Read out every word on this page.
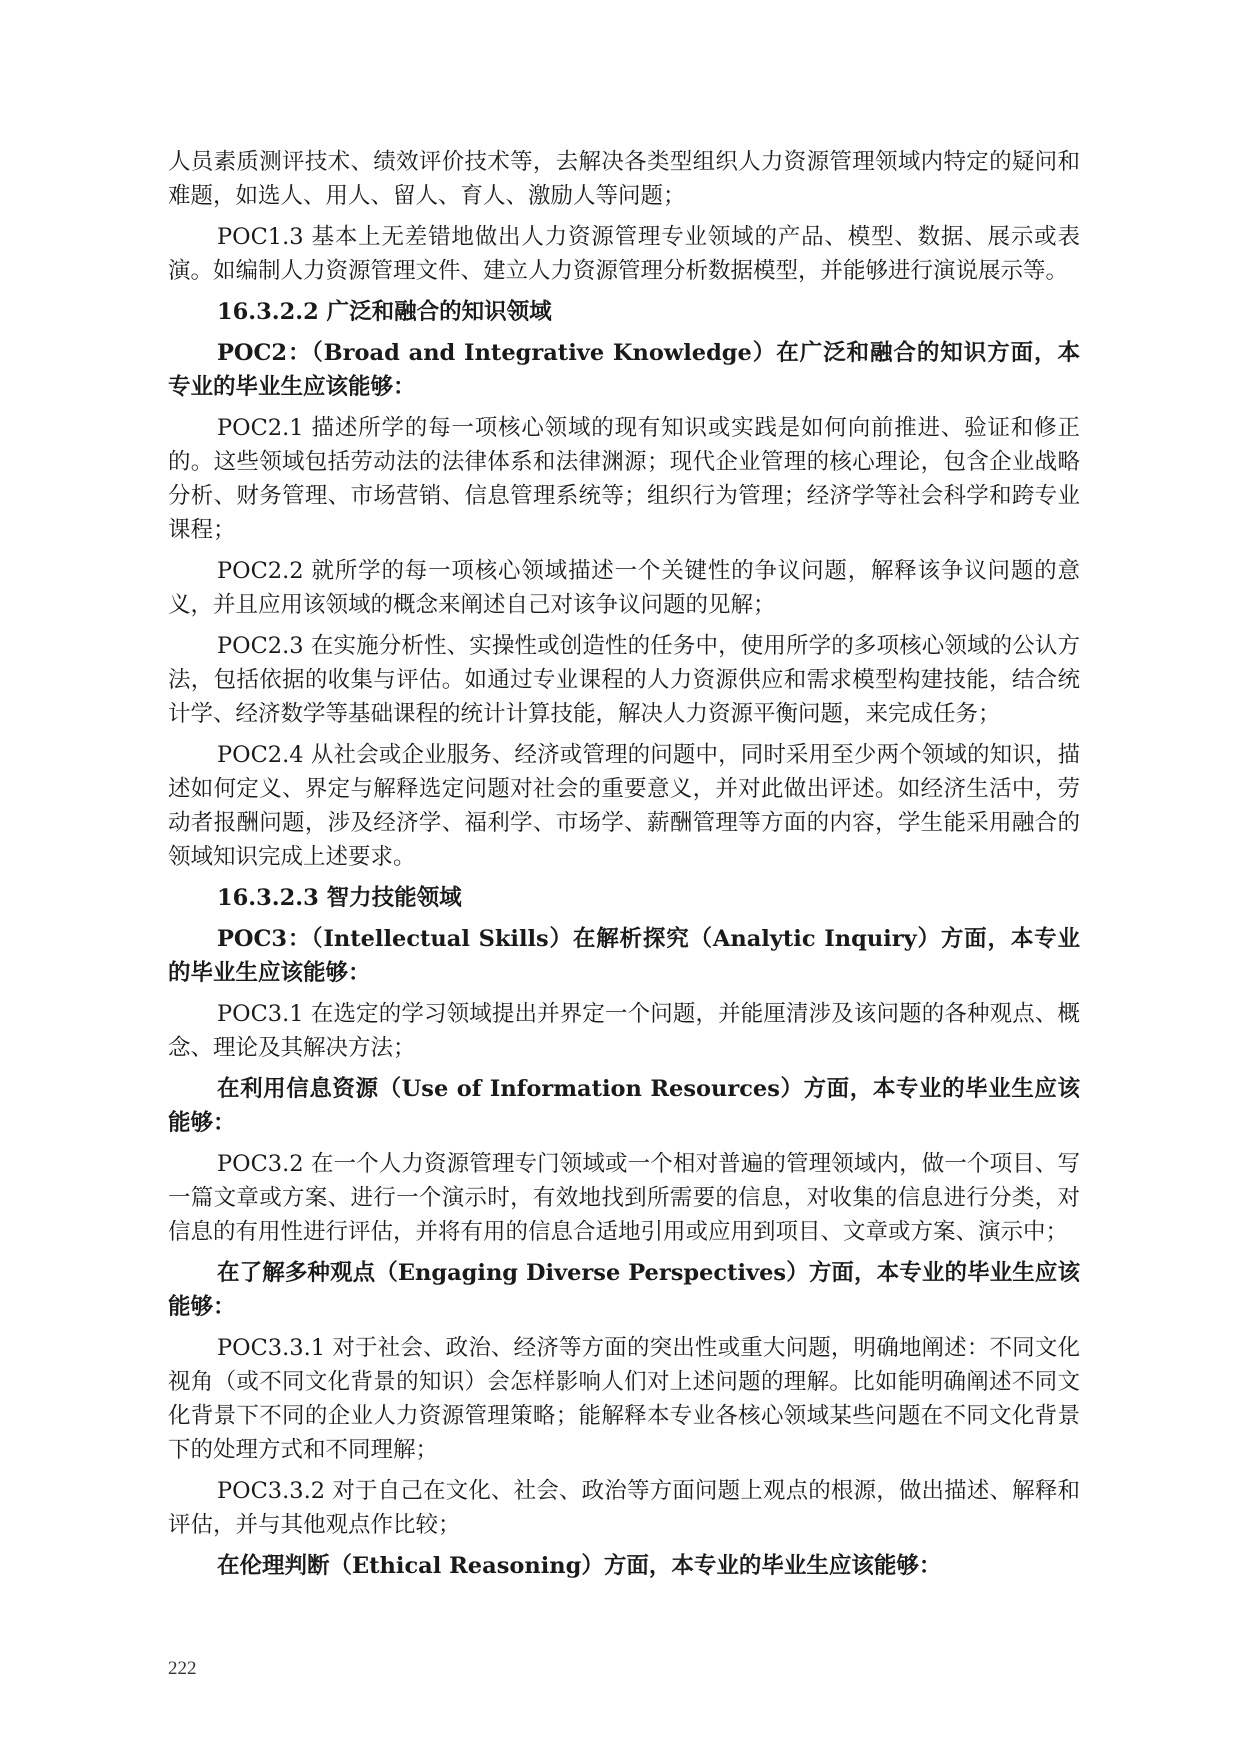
人员素质测评技术、绩效评价技术等，去解决各类型组织人力资源管理领域内特定的疑问和难题，如选人、用人、留人、育人、激励人等问题；

POC1.3 基本上无差错地做出人力资源管理专业领域的产品、模型、数据、展示或表演。如编制人力资源管理文件、建立人力资源管理分析数据模型，并能够进行演说展示等。

16.3.2.2 广泛和融合的知识领域

POC2：（Broad and Integrative Knowledge）在广泛和融合的知识方面，本专业的毕业生应该能够：

POC2.1 描述所学的每一项核心领域的现有知识或实践是如何向前推进、验证和修正的。这些领域包括劳动法的法律体系和法律渊源；现代企业管理的核心理论，包含企业战略分析、财务管理、市场营销、信息管理系统等；组织行为管理；经济学等社会科学和跨专业课程；

POC2.2 就所学的每一项核心领域描述一个关键性的争议问题，解释该争议问题的意义，并且应用该领域的概念来阐述自己对该争议问题的见解；

POC2.3 在实施分析性、实操性或创造性的任务中，使用所学的多项核心领域的公认方法，包括依据的收集与评估。如通过专业课程的人力资源供应和需求模型构建技能，结合统计学、经济数学等基础课程的统计计算技能，解决人力资源平衡问题，来完成任务；

POC2.4 从社会或企业服务、经济或管理的问题中，同时采用至少两个领域的知识，描述如何定义、界定与解释选定问题对社会的重要意义，并对此做出评述。如经济生活中，劳动者报酬问题，涉及经济学、福利学、市场学、薪酬管理等方面的内容，学生能采用融合的领域知识完成上述要求。

16.3.2.3 智力技能领域

POC3：（Intellectual Skills）在解析探究（Analytic Inquiry）方面，本专业的毕业生应该能够：

POC3.1 在选定的学习领域提出并界定一个问题，并能厘清涉及该问题的各种观点、概念、理论及其解决方法；

在利用信息资源（Use of Information Resources）方面，本专业的毕业生应该能够：

POC3.2 在一个人力资源管理专门领域或一个相对普遍的管理领域内，做一个项目、写一篇文章或方案、进行一个演示时，有效地找到所需要的信息，对收集的信息进行分类，对信息的有用性进行评估，并将有用的信息合适地引用或应用到项目、文章或方案、演示中；

在了解多种观点（Engaging Diverse Perspectives）方面，本专业的毕业生应该能够：

POC3.3.1 对于社会、政治、经济等方面的突出性或重大问题，明确地阐述：不同文化视角（或不同文化背景的知识）会怎样影响人们对上述问题的理解。比如能明确阐述不同文化背景下不同的企业人力资源管理策略；能解释本专业各核心领域某些问题在不同文化背景下的处理方式和不同理解；

POC3.3.2 对于自己在文化、社会、政治等方面问题上观点的根源，做出描述、解释和评估，并与其他观点作比较；

在伦理判断（Ethical Reasoning）方面，本专业的毕业生应该能够：

222
